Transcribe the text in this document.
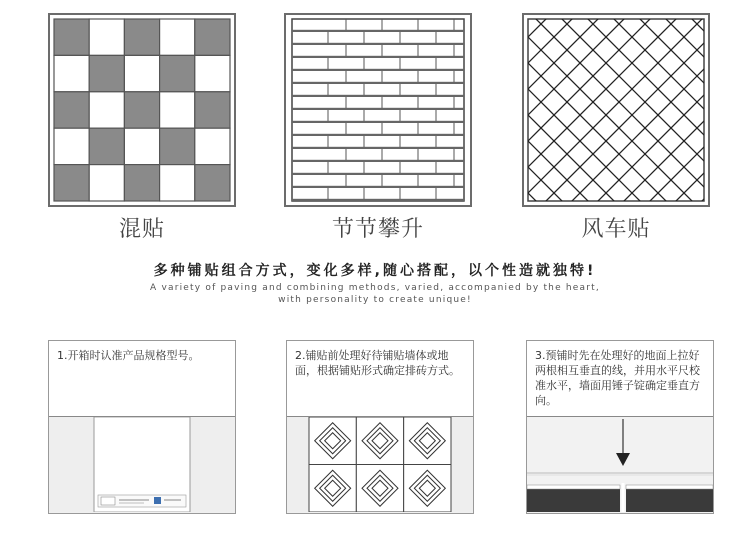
混贴	节节攀升	风车贴
多种铺贴组合方式，变化多样,随心搭配，以个性造就独特!
A variety of paving and combining methods, varied, accompanied by the heart,
with personality to create unique!
1.开箱时认准产品规格型号。	2.铺贴前处理好待铺贴墙体或地面，根据铺贴形式确定排砖方式。
3.预铺时先在处理好的地面上拉好两根相互垂直的线，并用水平尺校准水平，墙面用锤子锭确定垂直方向。
